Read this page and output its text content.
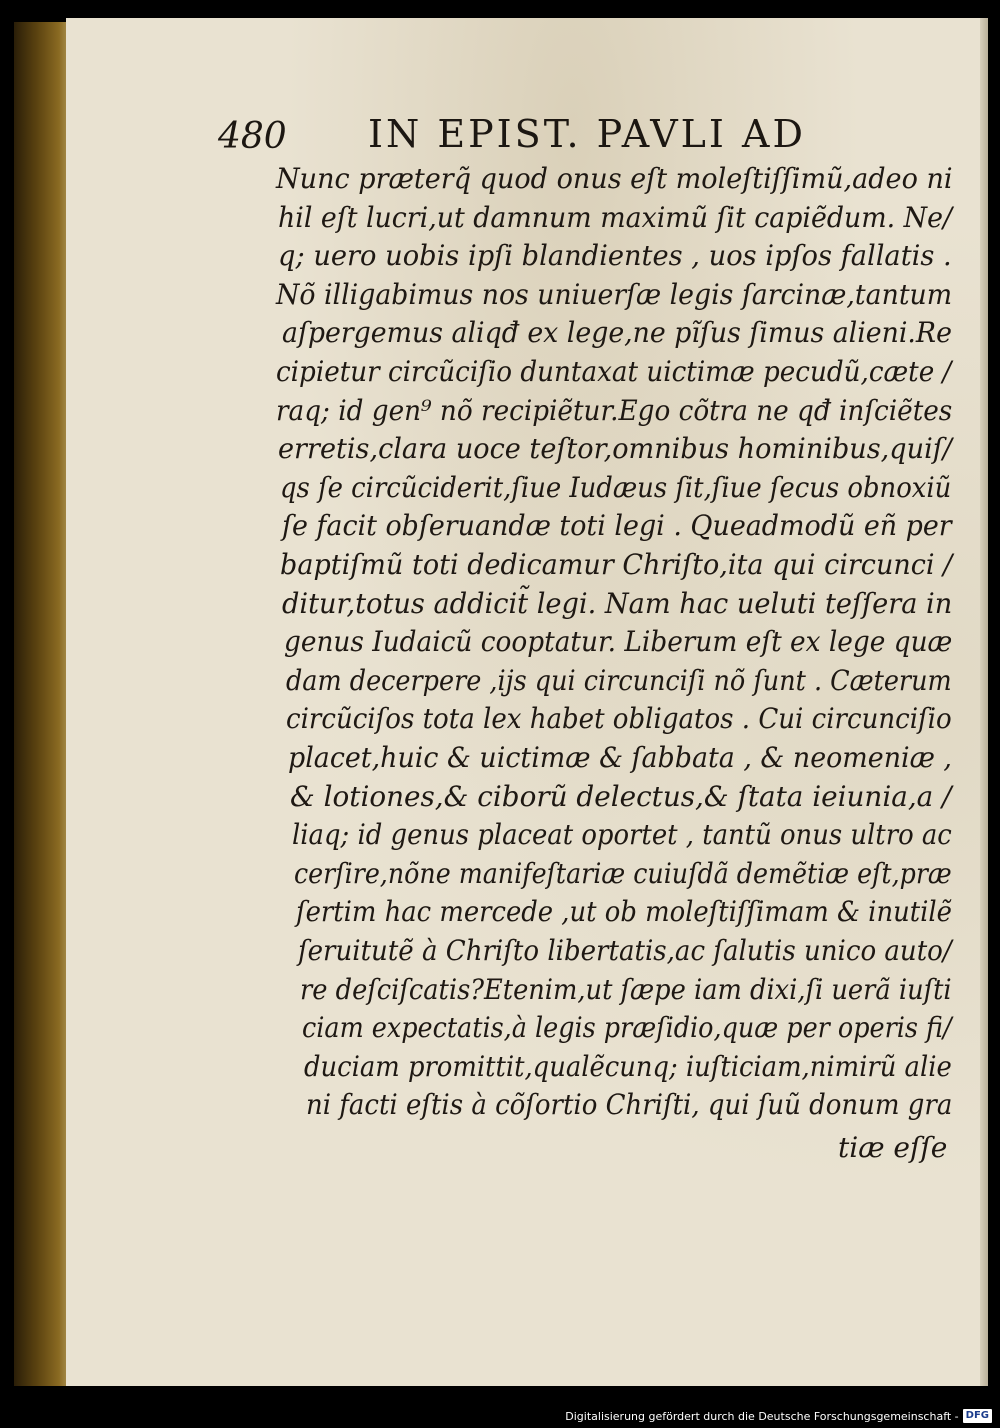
480 IN EPIST. PAVLI AD
Nunc prӕterq̃ quod onus eſt moleſtiſſimũ,adeo ni
hil eſt lucri,ut damnum maximũ ſit capiẽdum. Ne/
q; uero uobis ipſi blandientes , uos ipſos fallatis .
Nõ illigabimus nos uniuerſӕ legis ſarcinӕ,tantum
aſpergemus aliqđ ex lege,ne pĩſus ſimus alieni.Re
cipietur circũciſio duntaxat uictimӕ pecudũ,cӕte /
raq; id gen⁹ nõ recipiẽtur.Ego cõtra ne qđ inſciẽtes
erretis,clara uoce teſtor,omnibus hominibus,quiſ/
qs ſe circũciderit,ſiue Iudӕus ſit,ſiue ſecus obnoxiũ
ſe facit obſeruandӕ toti legi . Queadmodũ eñ per
baptiſmũ toti dedicamur Chriſto,ita qui circunci /
ditur,totus addicit̃ legi. Nam hac ueluti teſſera in
genus Iudaicũ cooptatur. Liberum eſt ex lege quӕ
dam decerpere ,ijs qui circunciſi nõ ſunt . Cӕterum
circũciſos tota lex habet obligatos . Cui circunciſio
placet,huic & uictimӕ & ſabbata , & neomeniӕ ,
& lotiones,& ciborũ delectus,& ſtata ieiunia,a /
liaq; id genus placeat oportet , tantũ onus ultro ac
cerſire,nõne manifeſtariӕ cuiuſdã demẽtiӕ eſt,prӕ
ſertim hac mercede ,ut ob moleſtiſſimam & inutilẽ
ſeruitutẽ à Chriſto libertatis,ac ſalutis unico auto/
re deſciſcatis?Etenim,ut ſӕpe iam dixi,ſi uerã iuſti
ciam expectatis,à legis prӕſidio,quӕ per operis fi/
duciam promittit,qualẽcunq; iuſticiam,nimirũ alie
ni facti eſtis à cõſortio Chriſti, qui ſuũ donum gra
tiӕ eſſe
Digitalisierung gefördert durch die Deutsche Forschungsgemeinschaft - DFG
